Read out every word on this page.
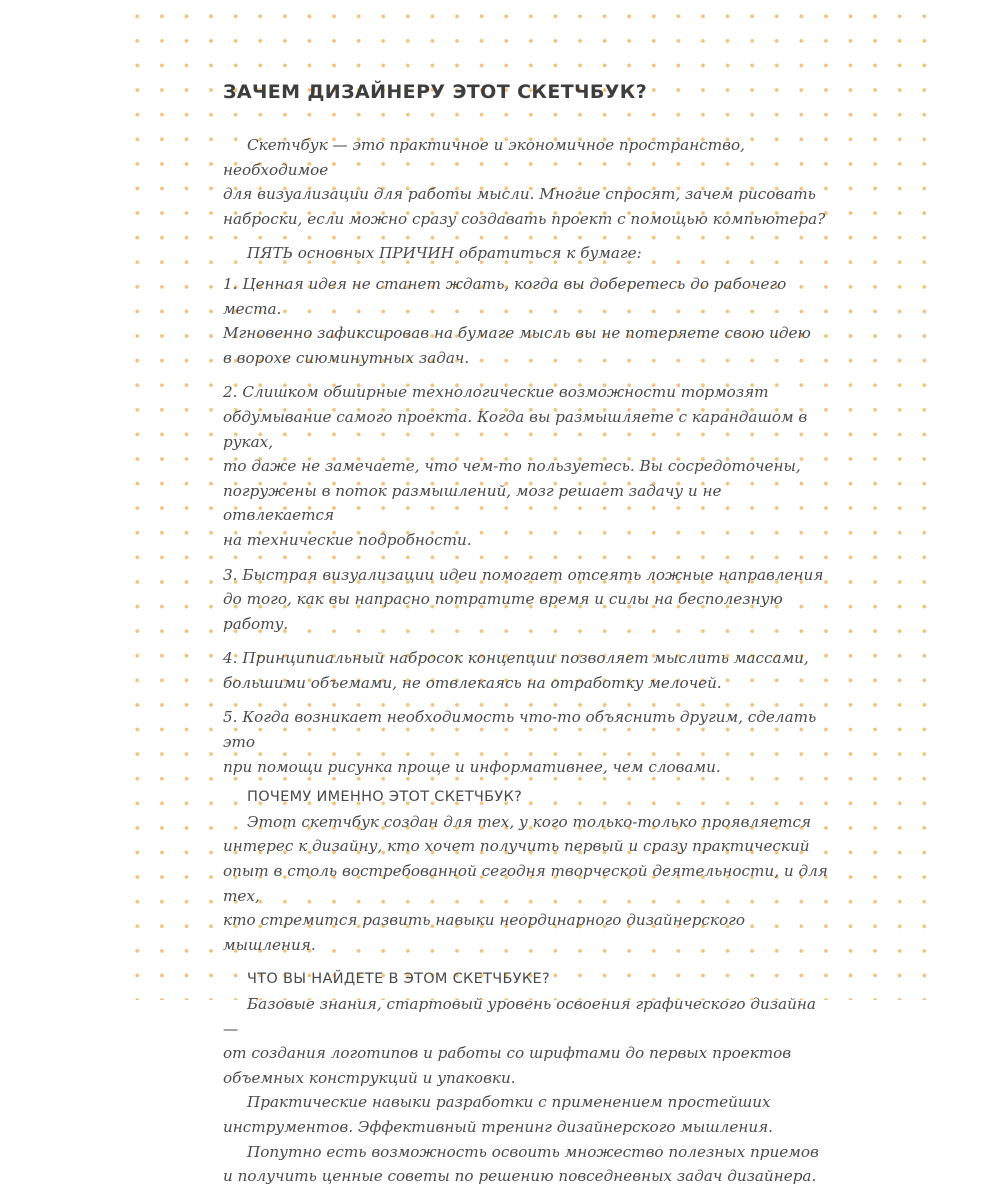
ЗАЧЕМ ДИЗАЙНЕРУ ЭТОТ СКЕТЧБУК?

Скетчбук — это практичное и экономичное пространство, необходимое
для визуализации для работы мысли. Многие спросят, зачем рисовать
наброски, если можно сразу создавать проект с помощью компьютера?

ПЯТЬ основных ПРИЧИН обратиться к бумаге:

1. Ценная идея не станет ждать, когда вы доберетесь до рабочего места.
Мгновенно зафиксировав на бумаге мысль вы не потеряете свою идею
в ворохе сиюминутных задач.

2. Слишком обширные технологические возможности тормозят
обдумывание самого проекта. Когда вы размышляете с карандашом в руках,
то даже не замечаете, что чем-то пользуетесь. Вы сосредоточены,
погружены в поток размышлений, мозг решает задачу и не отвлекается
на технические подробности.

3. Быстрая визуализации идеи помогает отсеять ложные направления
до того, как вы напрасно потратите время и силы на бесполезную работу.

4. Принципиальный набросок концепции позволяет мыслить массами,
большими объемами, не отвлекаясь на отработку мелочей.

5. Когда возникает необходимость что-то объяснить другим, сделать это
при помощи рисунка проще и информативнее, чем словами.

ПОЧЕМУ ИМЕННО ЭТОТ СКЕТЧБУК?

Этот скетчбук создан для тех, у кого только-только проявляется
интерес к дизайну, кто хочет получить первый и сразу практический
опыт в столь востребованной сегодня творческой деятельности, и для тех,
кто стремится развить навыки неординарного дизайнерского мышления.

ЧТО ВЫ НАЙДЕТЕ В ЭТОМ СКЕТЧБУКЕ?

Базовые знания, стартовый уровень освоения графического дизайна —
от создания логотипов и работы со шрифтами до первых проектов
объемных конструкций и упаковки.

Практические навыки разработки с применением простейших
инструментов. Эффективный тренинг дизайнерского мышления.

Попутно есть возможность освоить множество полезных приемов
и получить ценные советы по решению повседневных задач дизайнера.
